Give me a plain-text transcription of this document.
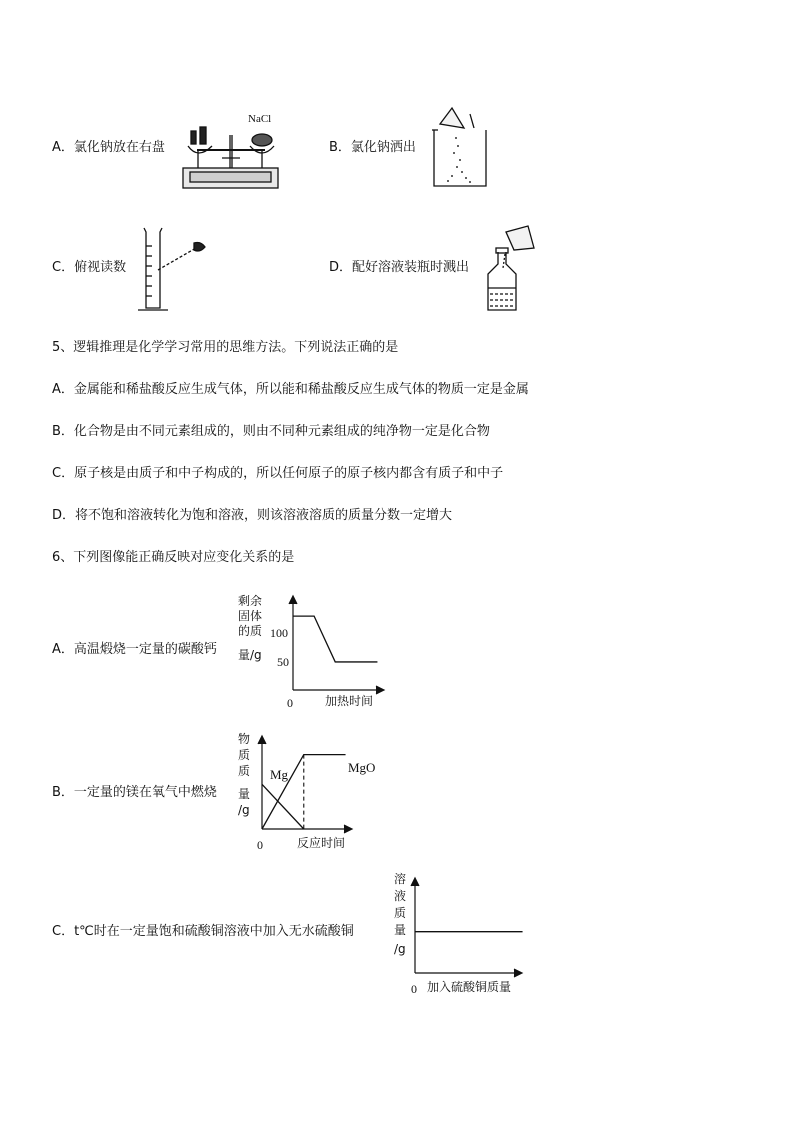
A．氯化钠放在右盘	B．氯化钠洒出
C．俯视读数	D．配好溶液装瓶时溅出
NaCl
5、逻辑推理是化学学习常用的思维方法。下列说法正确的是
A．金属能和稀盐酸反应生成气体，所以能和稀盐酸反应生成气体的物质一定是金属
B．化合物是由不同元素组成的，则由不同种元素组成的纯净物一定是化合物
C．原子核是由质子和中子构成的，所以任何原子的原子核内都含有质子和中子
D．将不饱和溶液转化为饱和溶液，则该溶液溶质的质量分数一定增大
6、下列图像能正确反映对应变化关系的是
A．高温煅烧一定量的碳酸钙
B．一定量的镁在氧气中燃烧
C．t℃时在一定量饱和硫酸铜溶液中加入无水硫酸铜
剩余
固体
的质
量/g
100
50
0	加热时间
物
质
质
量
/g
Mg	MgO
0	反应时间
溶
液
质
量
/g
0 加入硫酸铜质量
